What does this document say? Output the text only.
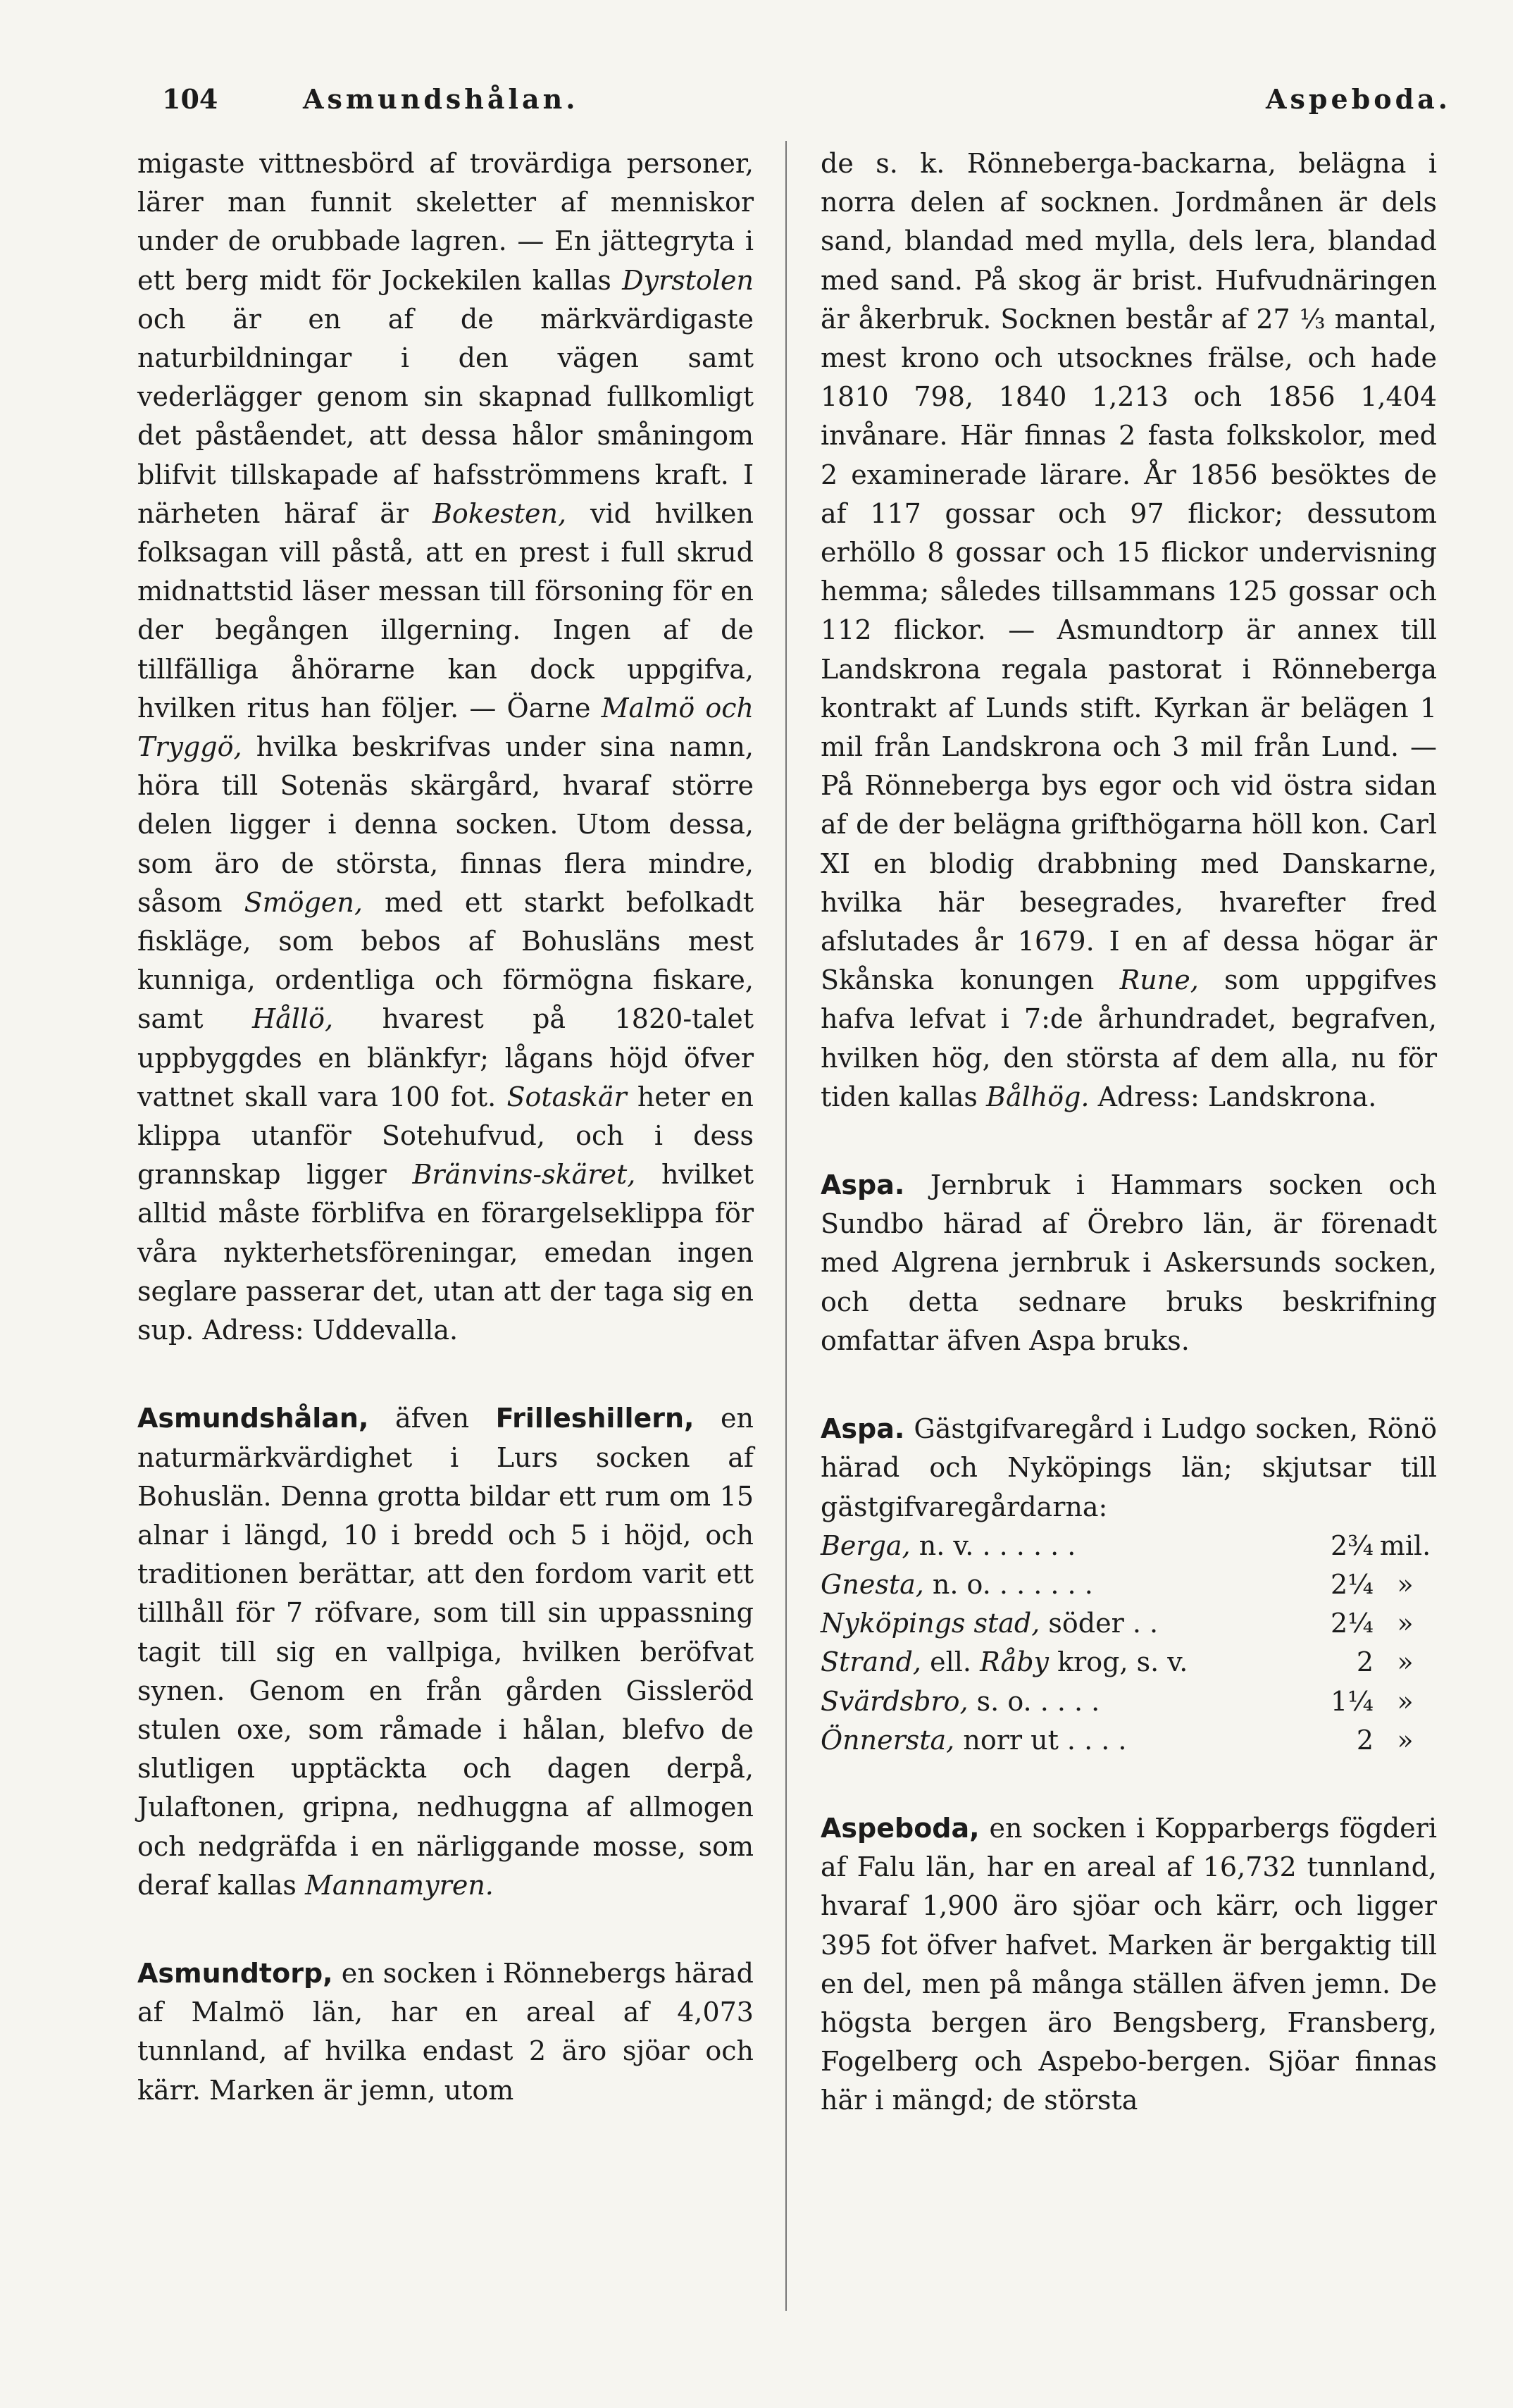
104	Asmundshålan.	Aspeboda.

migaste vittnesbörd af trovärdiga personer, lärer man funnit skeletter af menniskor under de orubbade lagren. — En jättegryta i ett berg midt för Jockekilen kallas Dyrstolen och är en af de märkvärdigaste naturbildningar i den vägen samt vederlägger genom sin skapnad fullkomligt det påståendet, att dessa hålor småningom blifvit tillskapade af hafsströmmens kraft. I närheten häraf är Bokesten, vid hvilken folksagan vill påstå, att en prest i full skrud midnattstid läser messan till försoning för en der begången illgerning. Ingen af de tillfälliga åhörarne kan dock uppgifva, hvilken ritus han följer. — Öarne Malmö och Tryggö, hvilka beskrifvas under sina namn, höra till Sotenäs skärgård, hvaraf större delen ligger i denna socken. Utom dessa, som äro de största, finnas flera mindre, såsom Smögen, med ett starkt befolkadt fiskläge, som bebos af Bohusläns mest kunniga, ordentliga och förmögna fiskare, samt Hållö, hvarest på 1820-talet uppbyggdes en blänkfyr; lågans höjd öfver vattnet skall vara 100 fot. Sotaskär heter en klippa utanför Sotehufvud, och i dess grannskap ligger Bränvins-skäret, hvilket alltid måste förblifva en förargelseklippa för våra nykterhetsföreningar, emedan ingen seglare passerar det, utan att der taga sig en sup. Adress: Uddevalla.

Asmundshålan, äfven Frilleshillern, en naturmärkvärdighet i Lurs socken af Bohuslän. Denna grotta bildar ett rum om 15 alnar i längd, 10 i bredd och 5 i höjd, och traditionen berättar, att den fordom varit ett tillhåll för 7 röfvare, som till sin uppassning tagit till sig en vallpiga, hvilken beröfvat synen. Genom en från gården Gissleröd stulen oxe, som råmade i hålan, blefvo de slutligen upptäckta och dagen derpå, Julaftonen, gripna, nedhuggna af allmogen och nedgräfda i en närliggande mosse, som deraf kallas Mannamyren.

Asmundtorp, en socken i Rönnebergs härad af Malmö län, har en areal af 4,073 tunnland, af hvilka endast 2 äro sjöar och kärr. Marken är jemn, utom

de s. k. Rönneberga-backarna, belägna i norra delen af socknen. Jordmånen är dels sand, blandad med mylla, dels lera, blandad med sand. På skog är brist. Hufvudnäringen är åkerbruk. Socknen består af 27 ⅓ mantal, mest krono och utsocknes frälse, och hade 1810 798, 1840 1,213 och 1856 1,404 invånare. Här finnas 2 fasta folkskolor, med 2 examinerade lärare. År 1856 besöktes de af 117 gossar och 97 flickor; dessutom erhöllo 8 gossar och 15 flickor undervisning hemma; således tillsammans 125 gossar och 112 flickor. — Asmundtorp är annex till Landskrona regala pastorat i Rönneberga kontrakt af Lunds stift. Kyrkan är belägen 1 mil från Landskrona och 3 mil från Lund. — På Rönneberga bys egor och vid östra sidan af de der belägna grifthögarna höll kon. Carl XI en blodig drabbning med Danskarne, hvilka här besegrades, hvarefter fred afslutades år 1679. I en af dessa högar är Skånska konungen Rune, som uppgifves hafva lefvat i 7:de århundradet, begrafven, hvilken hög, den största af dem alla, nu för tiden kallas Bålhög. Adress: Landskrona.

Aspa. Jernbruk i Hammars socken och Sundbo härad af Örebro län, är förenadt med Algrena jernbruk i Askersunds socken, och detta sednare bruks beskrifning omfattar äfven Aspa bruks.

Aspa. Gästgifvaregård i Ludgo socken, Rönö härad och Nyköpings län; skjutsar till gästgifvaregårdarna:

Berga, n. v. . . . . . .	2¾	mil.
Gnesta, n. o. . . . . . .	2¼	»
Nyköpings stad, söder . .	2¼	»
Strand, ell. Råby krog, s. v.	2	»
Svärdsbro, s. o. . . . .	1¼	»
Önnersta, norr ut . . . .	2	»

Aspeboda, en socken i Kopparbergs fögderi af Falu län, har en areal af 16,732 tunnland, hvaraf 1,900 äro sjöar och kärr, och ligger 395 fot öfver hafvet. Marken är bergaktig till en del, men på många ställen äfven jemn. De högsta bergen äro Bengsberg, Fransberg, Fogelberg och Aspebo-bergen. Sjöar finnas här i mängd; de största
